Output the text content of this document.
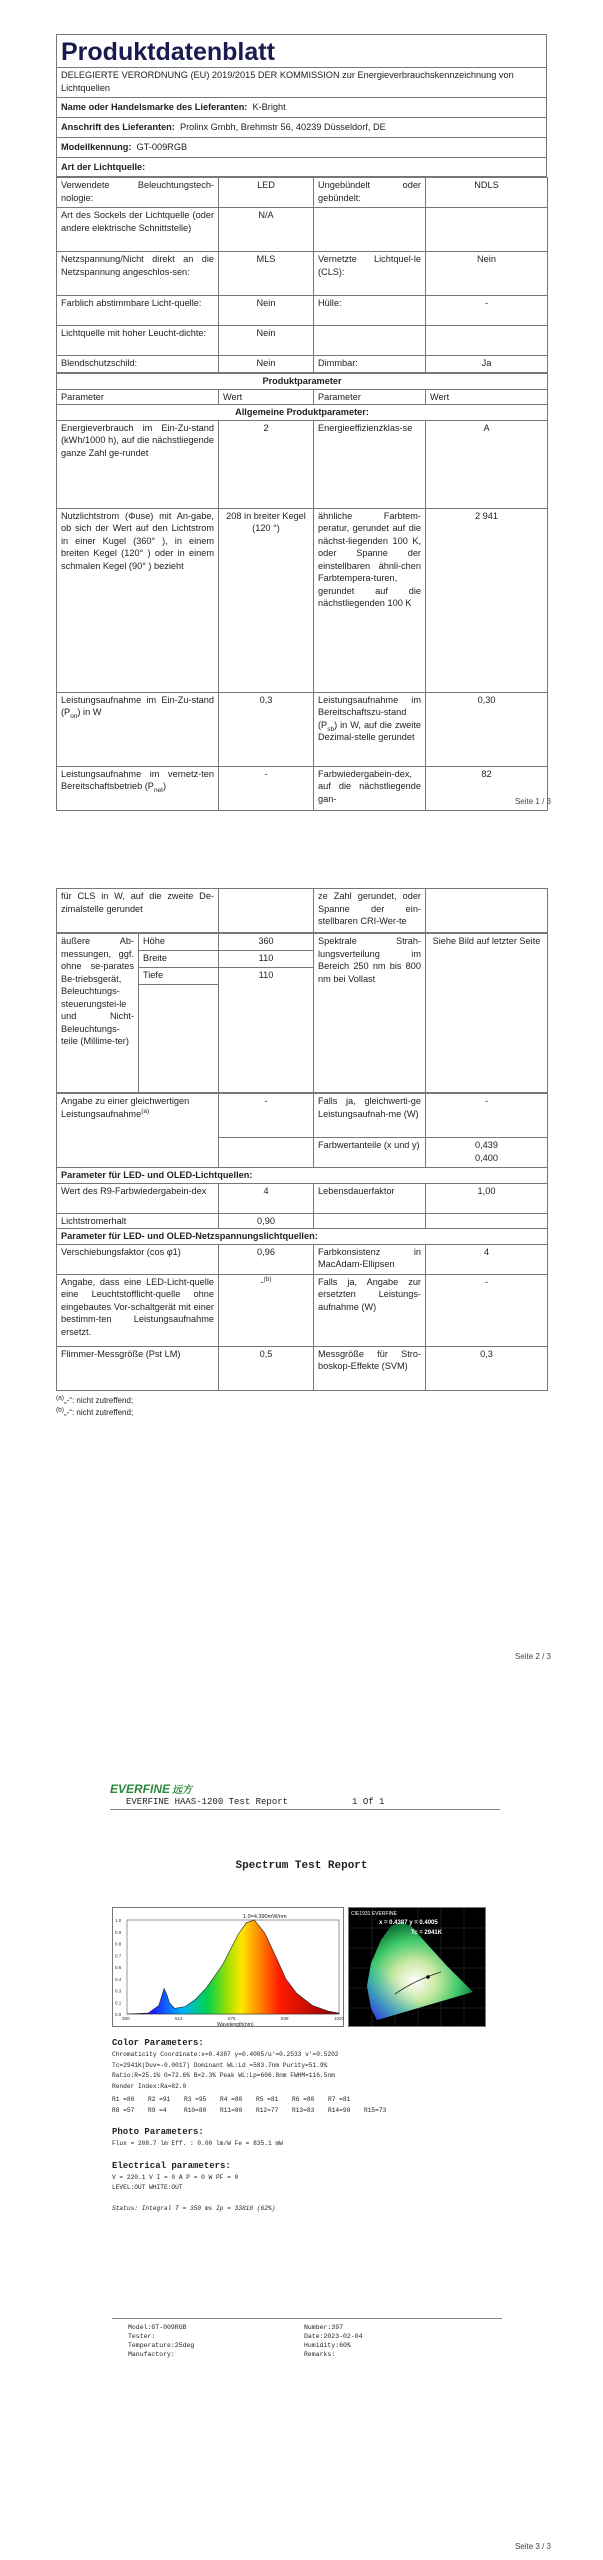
Produktdatenblatt
DELEGIERTE VERORDNUNG (EU) 2019/2015 DER KOMMISSION zur Energieverbrauchskennzeichnung von Lichtquellen
Name oder Handelsmarke des Lieferanten: K-Bright
Anschrift des Lieferanten: Prolinx Gmbh, Brehmstr 56, 40239 Düsseldorf, DE
Modellkennung: GT-009RGB
Art der Lichtquelle:
Verwendete Beleuchtungstech-nologie:	LED	Ungebündelt oder gebündelt:	NDLS
Art des Sockels der Lichtquelle (oder andere elektrische Schnittstelle)	N/A		
Netzspannung/Nicht direkt an die Netzspannung angeschlos-sen:	MLS	Vernetzte Lichtquel-le (CLS):	Nein
Farblich abstimmbare Licht-quelle:	Nein	Hülle:	-
Lichtquelle mit hoher Leucht-dichte:	Nein		
Blendschutzschild:	Nein	Dimmbar:	Ja
Produktparameter			
Parameter	Wert	Parameter	Wert
Allgemeine Produktparameter:			
Energieverbrauch im Ein-Zu-stand (kWh/1000 h), auf die nächstliegende ganze Zahl ge-rundet	2	Energieeffizienzklas-se	A
Nutzlichtstrom (Φuse) mit An-gabe, ob sich der Wert auf den Lichtstrom in einer Kugel (360° ), in einem breiten Kegel (120° ) oder in einem schmalen Kegel (90° ) bezieht	208 in breiter Kegel (120 °)	ähnliche Farbtem-peratur, gerundet auf die nächst-liegenden 100 K, oder Spanne der einstellbaren ähnli-chen Farbtempera-turen, gerundet auf die nächstliegenden 100 K	2 941
Leistungsaufnahme im Ein-Zu-stand $(P_{on})$ in W	0,3	Leistungsaufnahme im Bereitschaftszu-stand $(P_{sb})$ in W, auf die zweite Dezimal-stelle gerundet	0,30
Leistungsaufnahme im vernetz-ten Bereitschaftsbetrieb $(P_{net})$	-	Farbwiedergabein-dex, auf die nächstliegende gan-	82
Seite 1 / 3
für CLS in W, auf die zweite De-zimalstelle gerundet		ze Zahl gerundet, oder Spanne der ein-stellbaren CRI-Wer-te	
äußere Ab-messungen, ggf. ohne se-parates Be-triebsgerät, Beleuchtungs-steuerungstei-le und Nicht-Beleuchtungs-teile (Millime-ter)	Höhe	360	Spektrale Strah-lungsverteilung im Bereich 250 nm bis 800 nm bei Vollast	Siehe Bild auf letzter Seite
	Breite	110		
	Tiefe	110		

Angabe zu einer gleichwertigen Leistungsaufnahme$^{(a)}$	-	Falls ja, gleichwerti-ge Leistungsaufnah-me (W)	-
		Farbwertanteile (x und y)	0,439
0,400

Parameter für LED- und OLED-Lichtquellen:			
Wert des R9-Farbwiedergabein-dex	4	Lebensdauerfaktor	1,00
Lichtstromerhalt	0,90		
Parameter für LED- und OLED-Netzspannungslichtquellen:			
Verschiebungsfaktor (cos φ1)	0,96	Farbkonsistenz in MacAdam-Ellipsen	4
Angabe, dass eine LED-Licht-quelle eine Leuchtstofflicht-quelle ohne eingebautes Vor-schaltgerät mit einer bestimm-ten Leistungsaufnahme ersetzt.	-$^{(b)}$	Falls ja, Angabe zur ersetzten Leistungs-aufnahme (W)	-
Flimmer-Messgröße (Pst LM)	0,5	Messgröße für Stro-boskop-Effekte (SVM)	0,3
$^{(a)}$„-“: nicht zutreffend;
$^{(b)}$„-“: nicht zutreffend;
Seite 2 / 3
EVERFINE 远方
EVERFINE HAAS-1200 Test Report	1 Of 1
Spectrum Test Report
0.0
0.1
0.3
0.4
0.6
0.7
0.8
0.9
1.0
380	513	675	838	1000
1.0=4.390mW/nm
Wavelength(nm)
CIE1931 EVERFINE
x = 0.4387 y = 0.4005
Tc = 2941K
Color Parameters:
Chromaticity Coordinate:x=0.4387 y=0.4005/u'=0.2533 v'=0.5202
Tc=2941K(Duv=-0.0017) Dominant WL:Ld =583.7nm Purity=51.9%
Ratio:R=25.1% G=72.6% B=2.3% Peak WL:Lp=606.8nm FWHM=116.5nm
Render Index:Ra=82.0
R1 =80	R2 =91	R3 =95	R4 =80	R5 =81	R6 =80	R7 =81
R8 =57	R9 =4	R10=80	R11=80	R12=77	R13=83	R14=98	R15=73
Photo Parameters:
Flux = 208.7 lm Eff. : 0.00 lm/W Fe = 835.1 mW
Electrical parameters:
V = 220.1 V I = 0 A P = 0 W PF = 0
LEVEL:OUT WHITE:OUT
Status: Integral T = 350 ms Ip = 33818 (62%)
Model:GT-009RGB
Tester:
Temperature:25deg
Manufactory:
Number:397
Date:2023-02-04
Humidity:60%
Remarks:
Seite 3 / 3
